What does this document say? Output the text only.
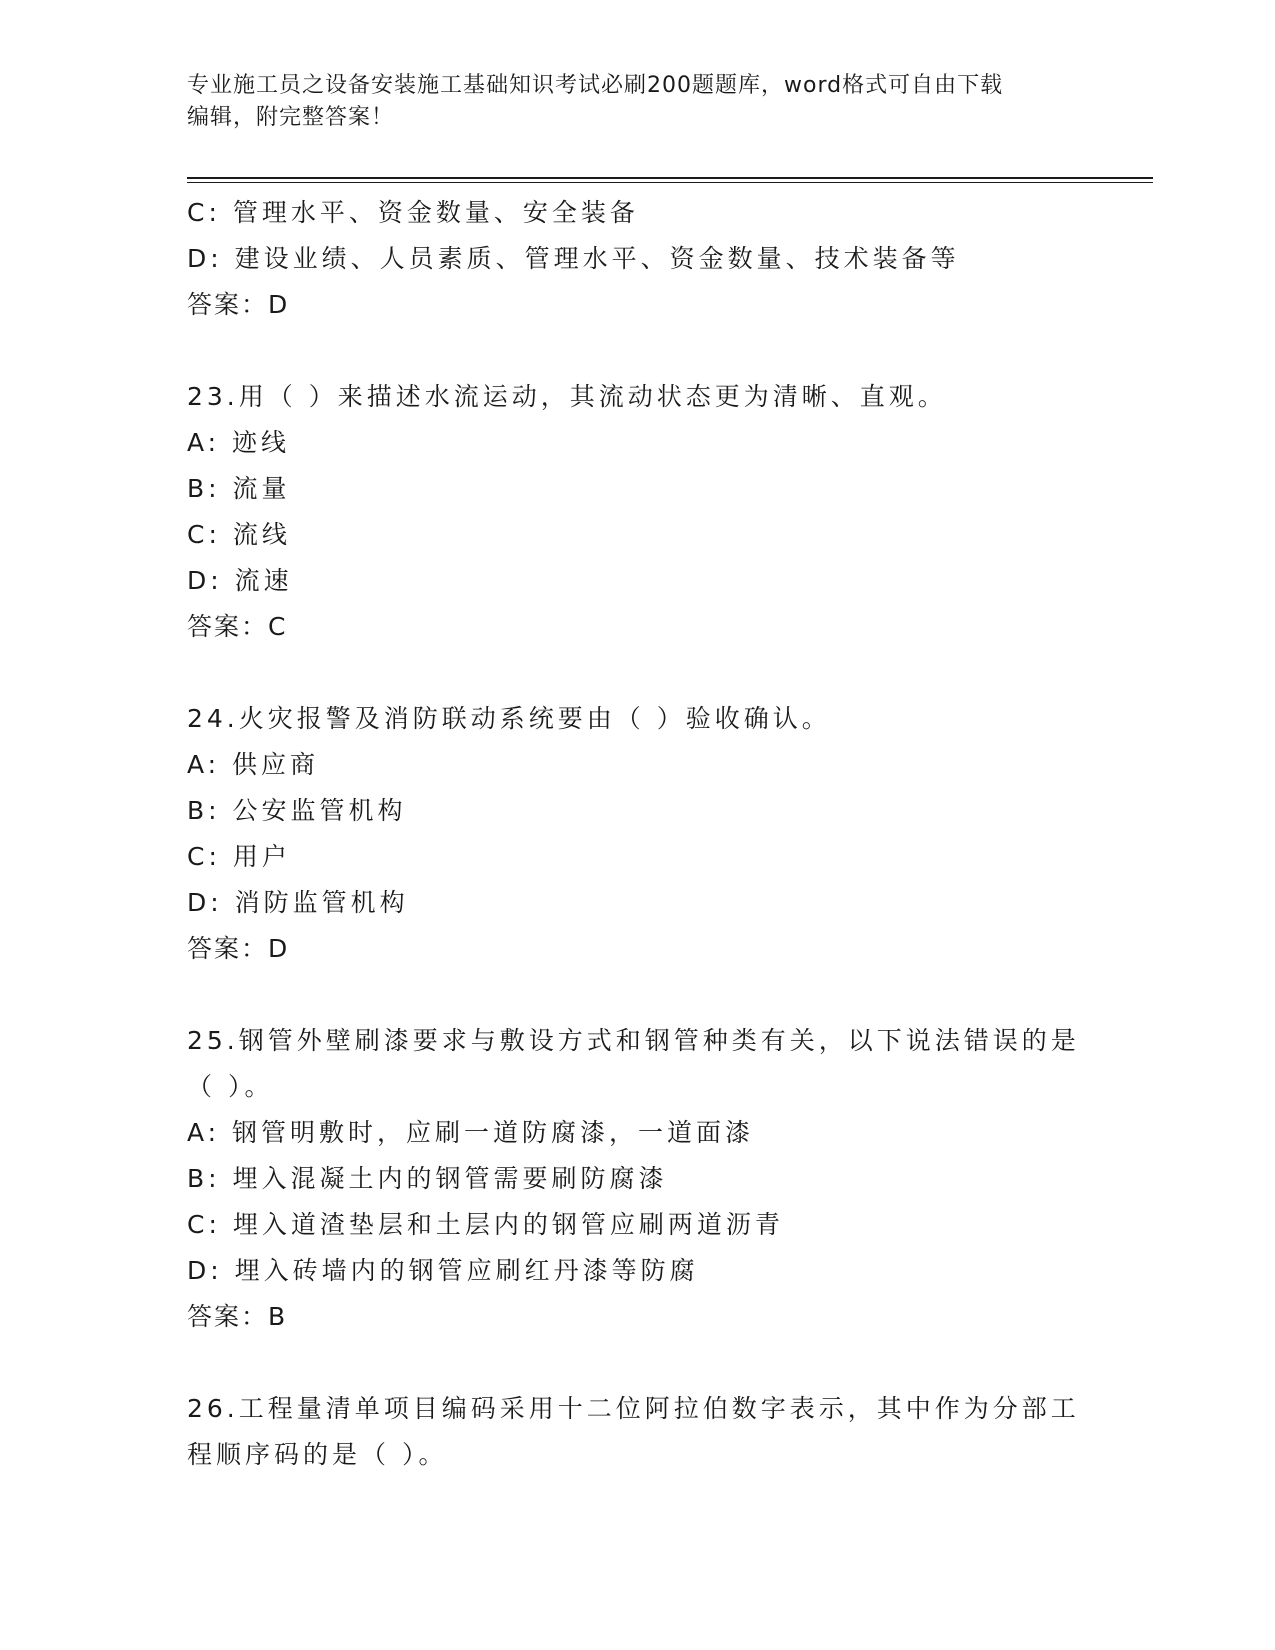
专业施工员之设备安装施工基础知识考试必刷200题题库，word格式可自由下载
编辑，附完整答案！
C: 管理水平、资金数量、安全装备
D: 建设业绩、人员素质、管理水平、资金数量、技术装备等
答案：D
23.用（ ）来描述水流运动，其流动状态更为清晰、直观。
A: 迹线
B: 流量
C: 流线
D: 流速
答案：C
24.火灾报警及消防联动系统要由（ ）验收确认。
A: 供应商
B: 公安监管机构
C: 用户
D: 消防监管机构
答案：D
25.钢管外壁刷漆要求与敷设方式和钢管种类有关，以下说法错误的是
（ ）。
A: 钢管明敷时，应刷一道防腐漆，一道面漆
B: 埋入混凝土内的钢管需要刷防腐漆
C: 埋入道渣垫层和土层内的钢管应刷两道沥青
D: 埋入砖墙内的钢管应刷红丹漆等防腐
答案：B
26.工程量清单项目编码采用十二位阿拉伯数字表示，其中作为分部工
程顺序码的是（ ）。
